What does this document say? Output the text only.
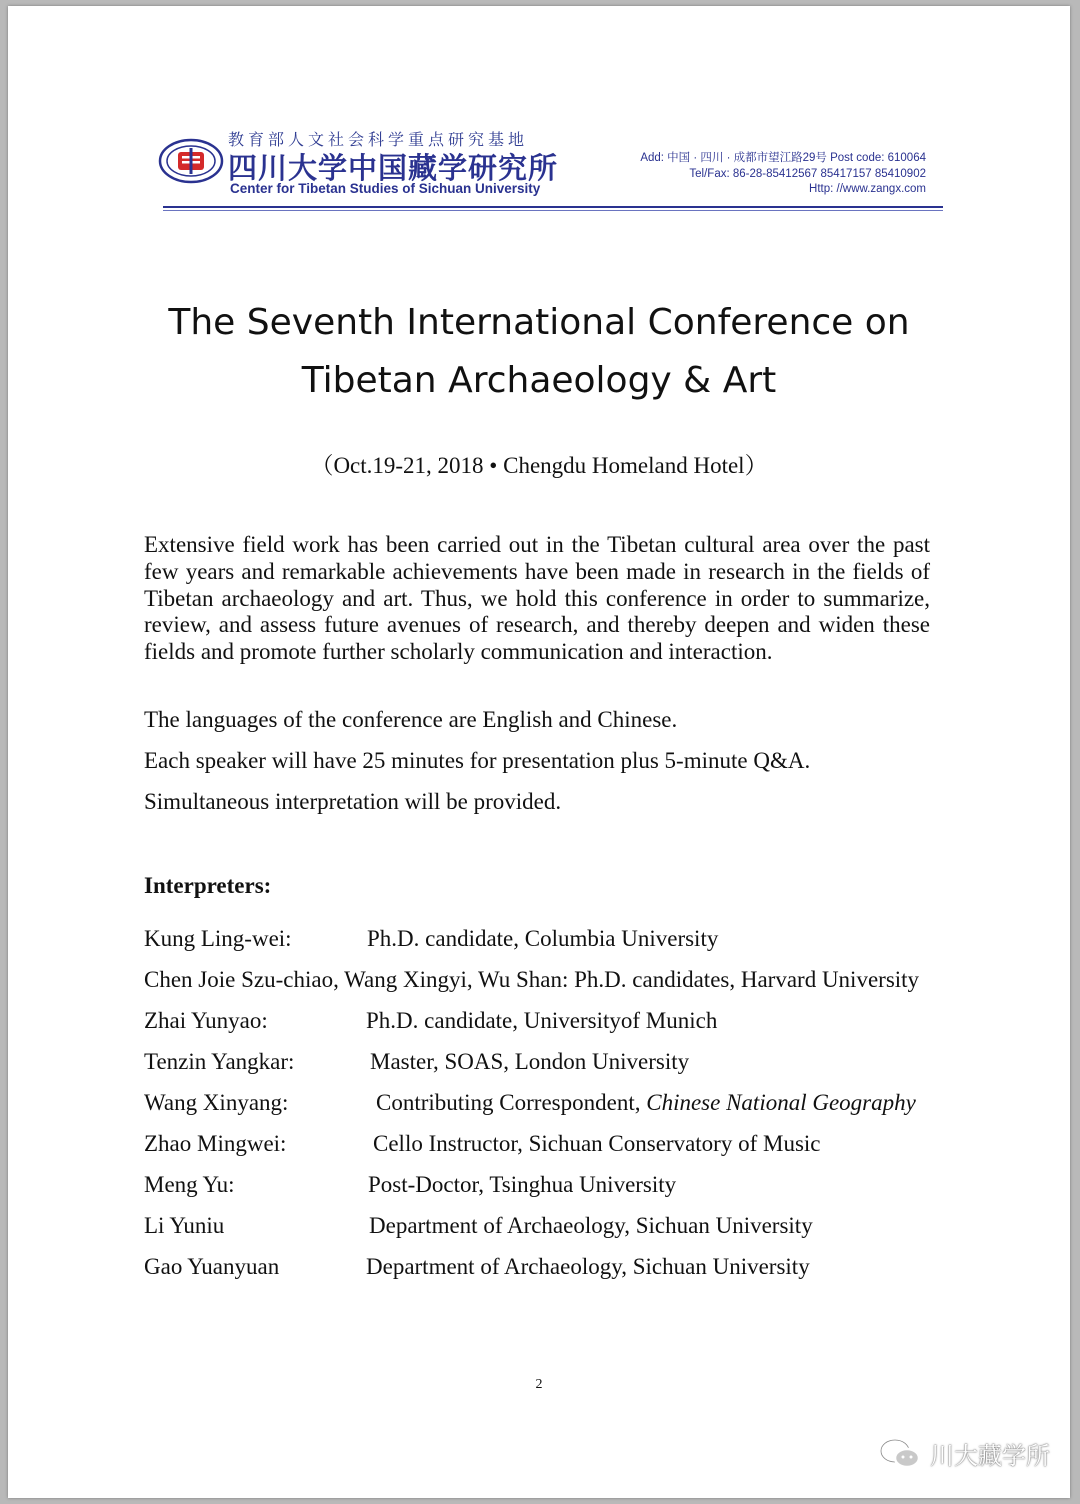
教育部人文社会科学重点研究基地
四川大学中国藏学研究所
Center for Tibetan Studies of Sichuan University
Add: 中国 · 四川 · 成都市望江路29号 Post code: 610064
Tel/Fax: 86-28-85412567 85417157 85410902
Http: //www.zangx.com
The Seventh International Conference on
Tibetan Archaeology & Art
（Oct.19-21, 2018 • Chengdu Homeland Hotel）

Extensive field work has been carried out in the Tibetan cultural area over the past few years and remarkable achievements have been made in research in the fields of Tibetan archaeology and art. Thus, we hold this conference in order to summarize, review, and assess future avenues of research, and thereby deepen and widen these fields and promote further scholarly communication and interaction.

The languages of the conference are English and Chinese.

Each speaker will have 25 minutes for presentation plus 5-minute Q&A.

Simultaneous interpretation will be provided.

Interpreters:
Kung Ling-wei:	Ph.D. candidate, Columbia University
Chen Joie Szu-chiao, Wang Xingyi, Wu Shan: Ph.D. candidates, Harvard University
Zhai Yunyao:	Ph.D. candidate, Universityof Munich
Tenzin Yangkar:	Master, SOAS, London University
Wang Xinyang:	Contributing Correspondent, Chinese National Geography
Zhao Mingwei:	Cello Instructor, Sichuan Conservatory of Music
Meng Yu:	Post-Doctor, Tsinghua University
Li Yuniu	Department of Archaeology, Sichuan University
Gao Yuanyuan	Department of Archaeology, Sichuan University
2
川大藏学所
